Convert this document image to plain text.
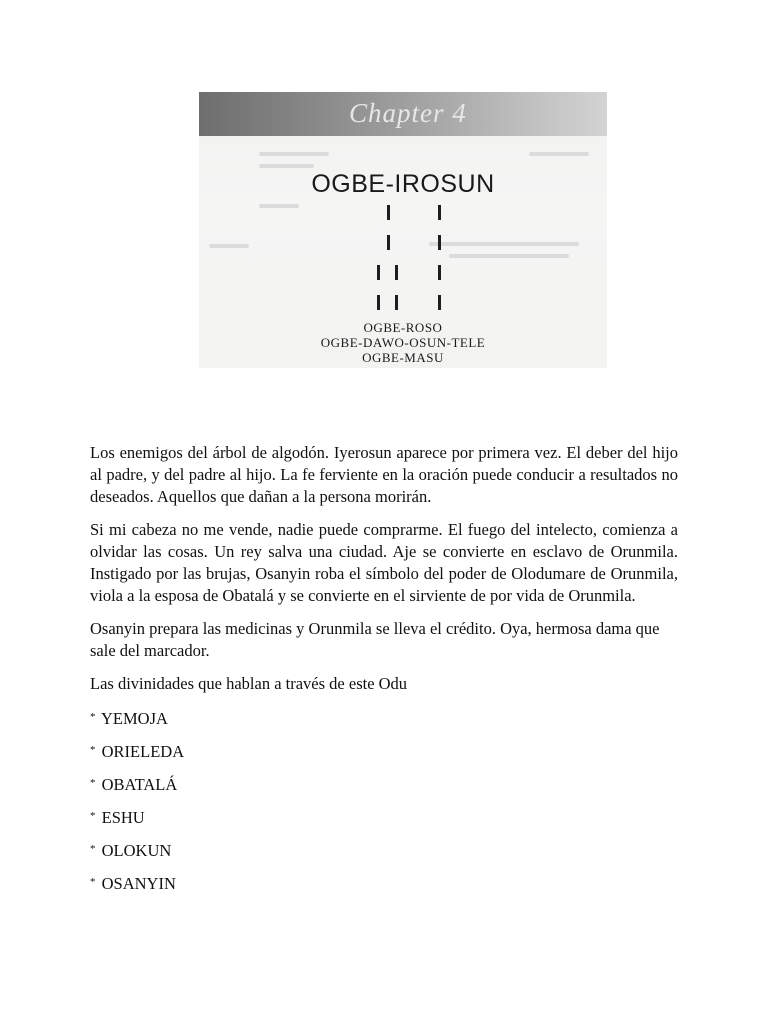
Chapter 4
OGBE-IROSUN
OGBE-ROSO
OGBE-DAWO-OSUN-TELE
OGBE-MASU

Los enemigos del árbol de algodón. Iyerosun aparece por primera vez. El deber del hijo al padre, y del padre al hijo. La fe ferviente en la oración puede conducir a resultados no deseados. Aquellos que dañan a la persona morirán.

Si mi cabeza no me vende, nadie puede comprarme. El fuego del intelecto, comienza a olvidar las cosas. Un rey salva una ciudad. Aje se convierte en esclavo de Orunmila. Instigado por las brujas, Osanyin roba el símbolo del poder de Olodumare de Orunmila, viola a la esposa de Obatalá y se convierte en el sirviente de por vida de Orunmila.

Osanyin prepara las medicinas y Orunmila se lleva el crédito. Oya, hermosa dama que sale del marcador.

Las divinidades que hablan a través de este Odu

* YEMOJA
* ORIELEDA
* OBATALÁ
* ESHU
* OLOKUN
* OSANYIN
